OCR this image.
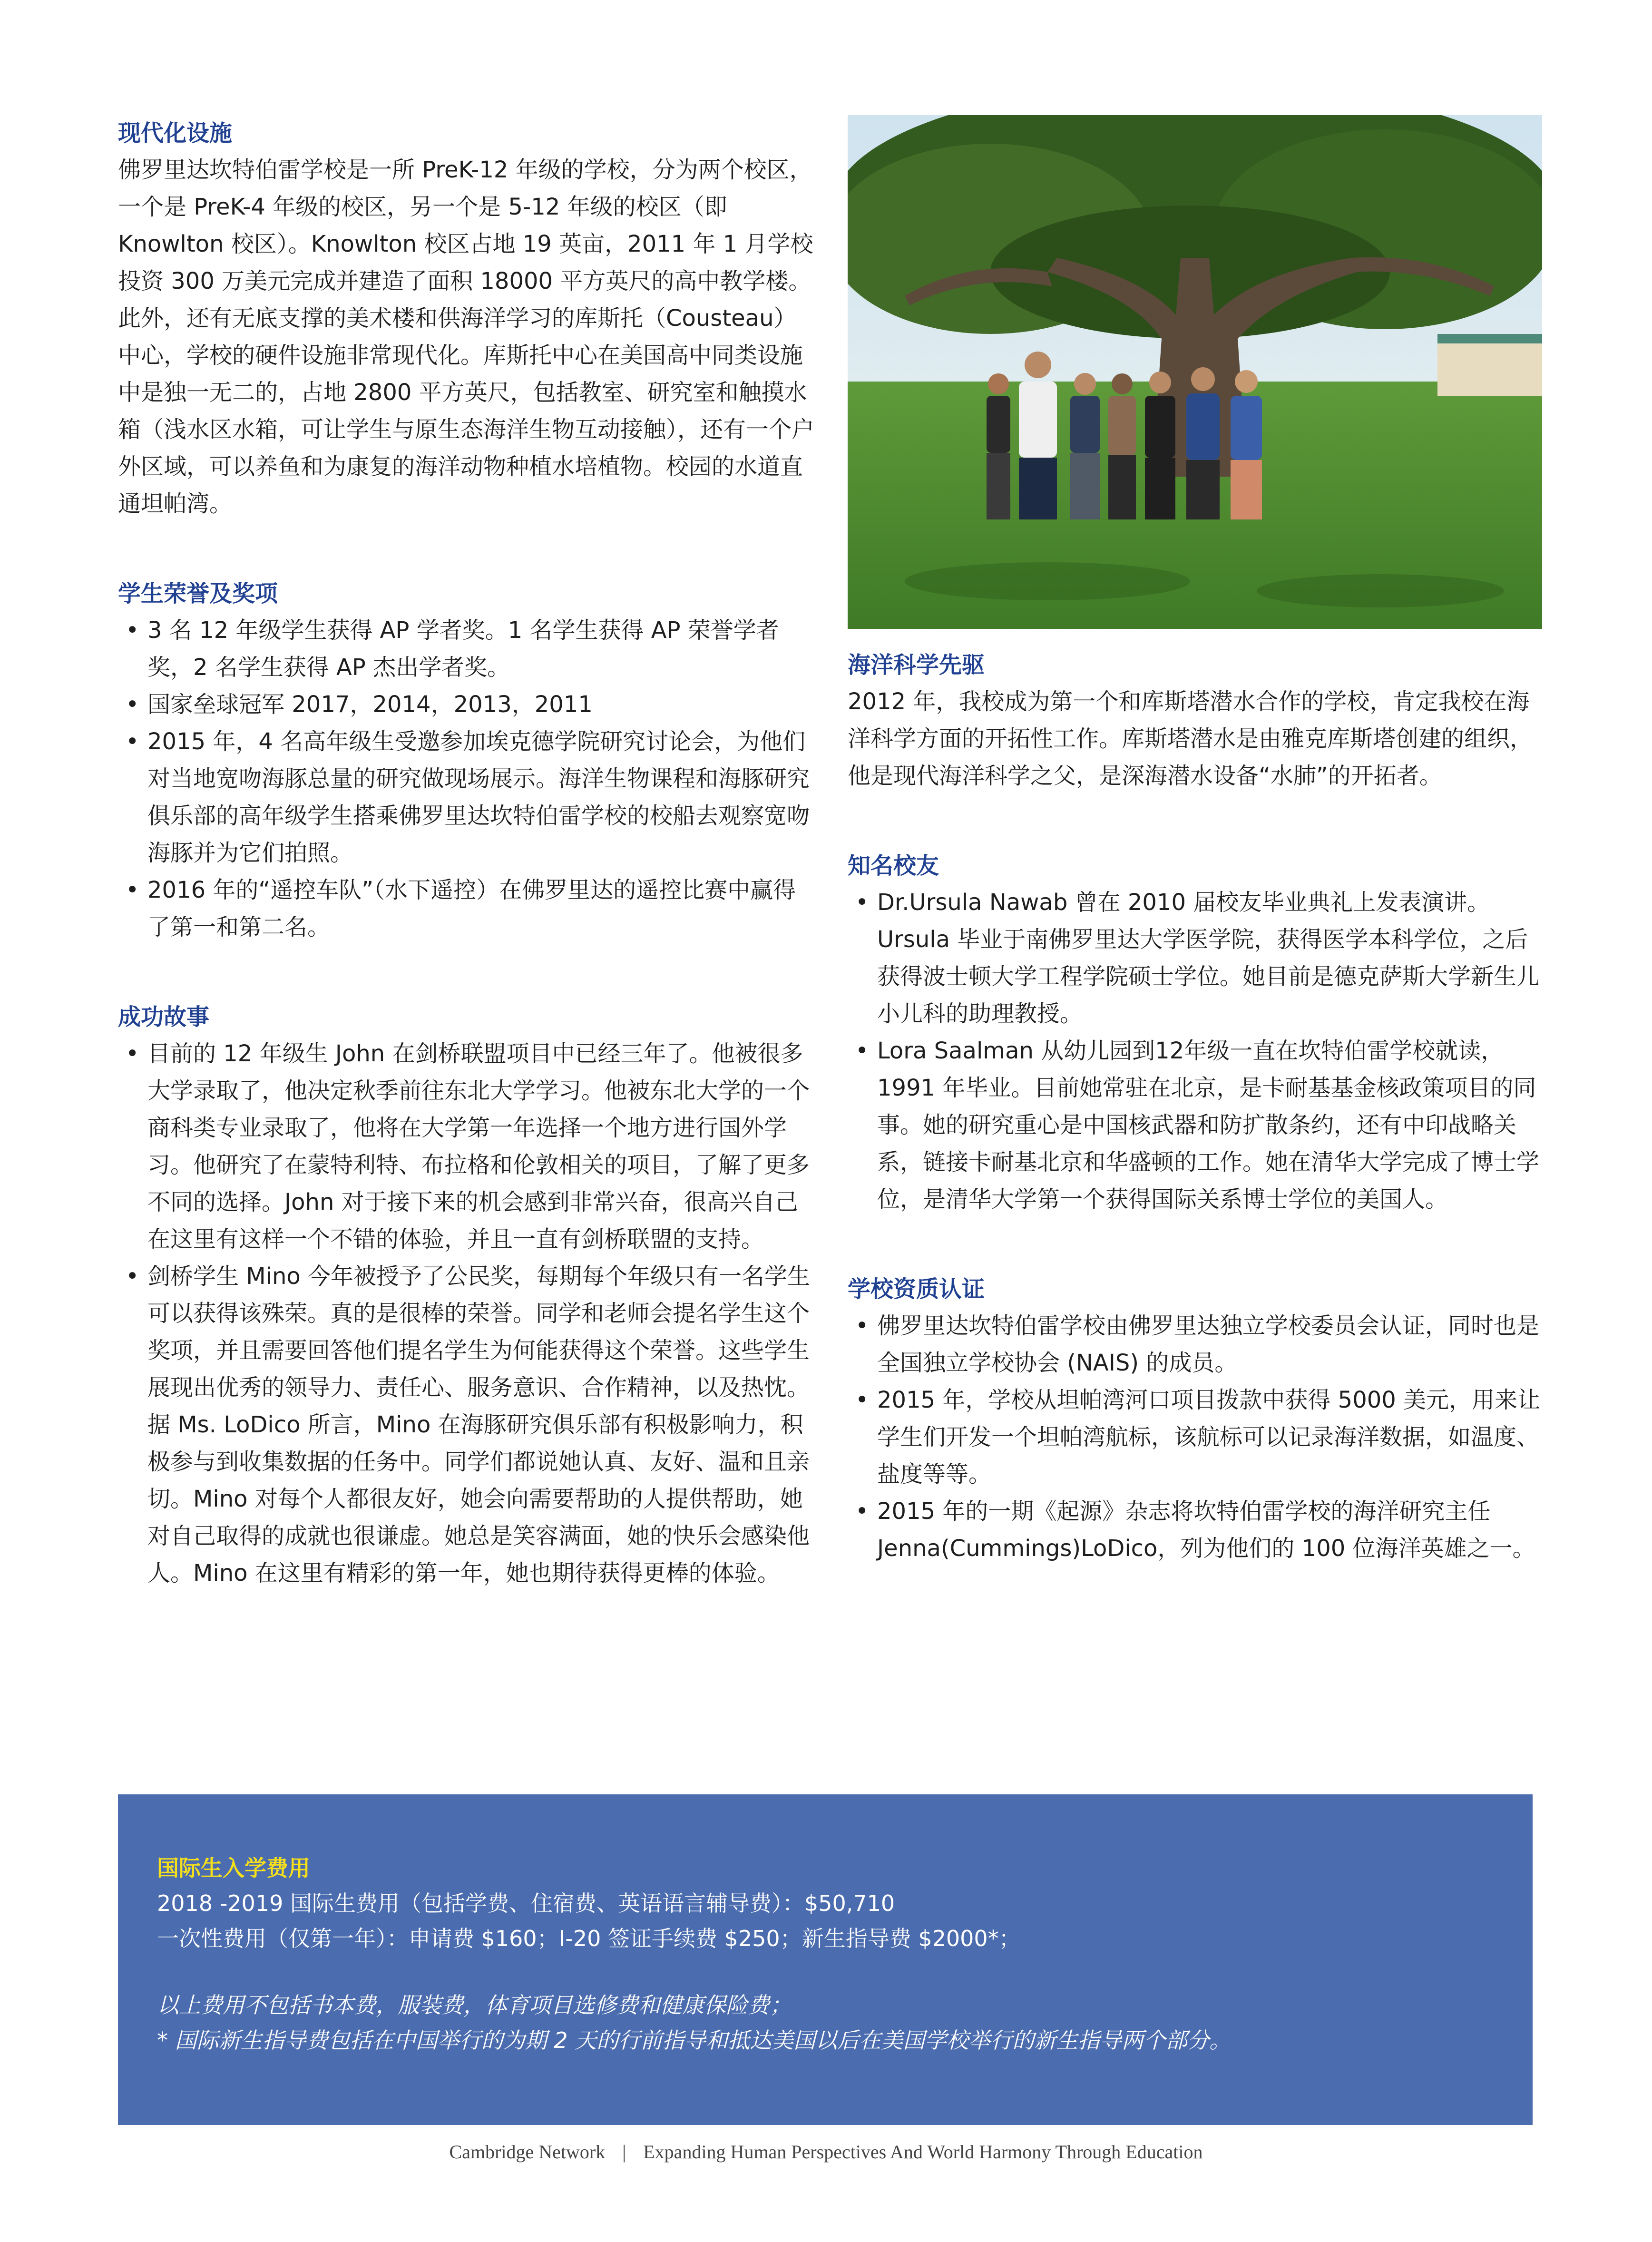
现代化设施

佛罗里达坎特伯雷学校是一所 PreK-12 年级的学校，分为两个校区，一个是 PreK-4 年级的校区，另一个是 5-12 年级的校区（即 Knowlton 校区）。Knowlton 校区占地 19 英亩，2011 年 1 月学校投资 300 万美元完成并建造了面积 18000 平方英尺的高中教学楼。此外，还有无底支撑的美术楼和供海洋学习的库斯托（Cousteau）中心，学校的硬件设施非常现代化。库斯托中心在美国高中同类设施中是独一无二的，占地 2800 平方英尺，包括教室、研究室和触摸水箱（浅水区水箱，可让学生与原生态海洋生物互动接触），还有一个户外区域，可以养鱼和为康复的海洋动物种植水培植物。校园的水道直通坦帕湾。

学生荣誉及奖项
• 3 名 12 年级学生获得 AP 学者奖。1 名学生获得 AP 荣誉学者奖，2 名学生获得 AP 杰出学者奖。
• 国家垒球冠军 2017，2014，2013，2011
• 2015 年，4 名高年级生受邀参加埃克德学院研究讨论会，为他们对当地宽吻海豚总量的研究做现场展示。海洋生物课程和海豚研究俱乐部的高年级学生搭乘佛罗里达坎特伯雷学校的校船去观察宽吻海豚并为它们拍照。
• 2016 年的“遥控车队”（水下遥控）在佛罗里达的遥控比赛中赢得了第一和第二名。
成功故事
• 目前的 12 年级生 John 在剑桥联盟项目中已经三年了。他被很多大学录取了，他决定秋季前往东北大学学习。他被东北大学的一个商科类专业录取了，他将在大学第一年选择一个地方进行国外学习。他研究了在蒙特利特、布拉格和伦敦相关的项目，了解了更多不同的选择。John 对于接下来的机会感到非常兴奋，很高兴自己在这里有这样一个不错的体验，并且一直有剑桥联盟的支持。
• 剑桥学生 Mino 今年被授予了公民奖，每期每个年级只有一名学生可以获得该殊荣。真的是很棒的荣誉。同学和老师会提名学生这个奖项，并且需要回答他们提名学生为何能获得这个荣誉。这些学生展现出优秀的领导力、责任心、服务意识、合作精神，以及热忱。据 Ms. LoDico 所言，Mino 在海豚研究俱乐部有积极影响力，积极参与到收集数据的任务中。同学们都说她认真、友好、温和且亲切。Mino 对每个人都很友好，她会向需要帮助的人提供帮助，她对自己取得的成就也很谦虚。她总是笑容满面，她的快乐会感染他人。Mino 在这里有精彩的第一年，她也期待获得更棒的体验。
海洋科学先驱

2012 年，我校成为第一个和库斯塔潜水合作的学校，肯定我校在海洋科学方面的开拓性工作。库斯塔潜水是由雅克库斯塔创建的组织，他是现代海洋科学之父，是深海潜水设备“水肺”的开拓者。

知名校友
• Dr.Ursula Nawab 曾在 2010 届校友毕业典礼上发表演讲。Ursula 毕业于南佛罗里达大学医学院，获得医学本科学位，之后获得波士顿大学工程学院硕士学位。她目前是德克萨斯大学新生儿小儿科的助理教授。
• Lora Saalman 从幼儿园到12年级一直在坎特伯雷学校就读，1991 年毕业。目前她常驻在北京，是卡耐基基金核政策项目的同事。她的研究重心是中国核武器和防扩散条约，还有中印战略关系，链接卡耐基北京和华盛顿的工作。她在清华大学完成了博士学位，是清华大学第一个获得国际关系博士学位的美国人。
学校资质认证
• 佛罗里达坎特伯雷学校由佛罗里达独立学校委员会认证，同时也是全国独立学校协会 (NAIS) 的成员。
• 2015 年，学校从坦帕湾河口项目拨款中获得 5000 美元，用来让学生们开发一个坦帕湾航标，该航标可以记录海洋数据，如温度、盐度等等。
• 2015 年的一期《起源》杂志将坎特伯雷学校的海洋研究主任 Jenna(Cummings)LoDico，列为他们的 100 位海洋英雄之一。
国际生入学费用
2018 -2019 国际生费用（包括学费、住宿费、英语语言辅导费）：$50,710
一次性费用（仅第一年）：申请费 $160；I-20 签证手续费 $250；新生指导费 $2000*；
以上费用不包括书本费，服装费，体育项目选修费和健康保险费；
* 国际新生指导费包括在中国举行的为期 2 天的行前指导和抵达美国以后在美国学校举行的新生指导两个部分。
Cambridge Network | Expanding Human Perspectives And World Harmony Through Education
